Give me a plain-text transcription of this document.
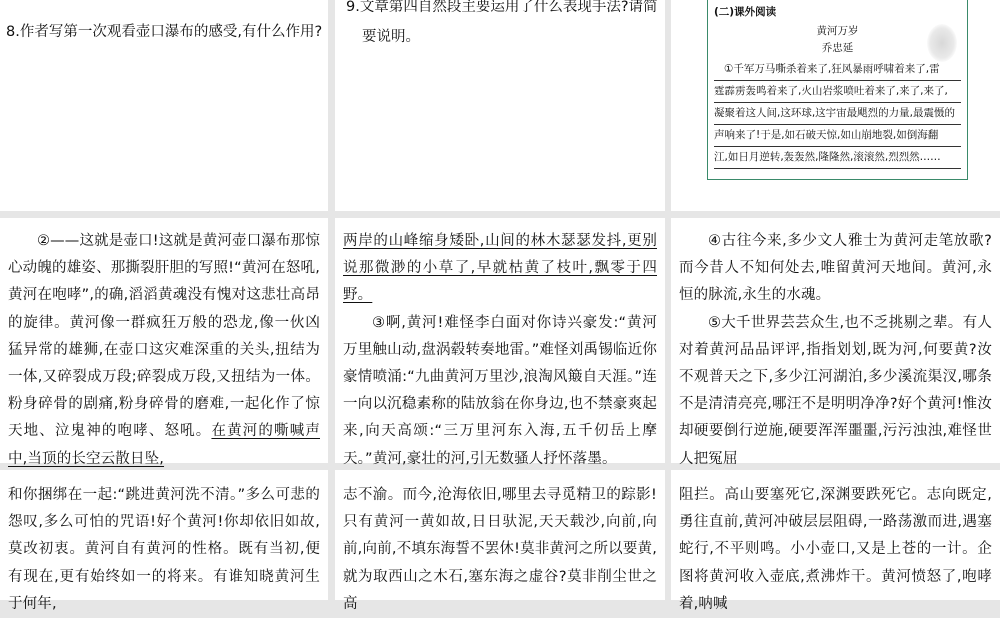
8.作者写第一次观看壶口瀑布的感受,有什么作用?
9.文章第四自然段主要运用了什么表现手法?请简
要说明。

(二)课外阅读

黄河万岁

乔忠延

①千军万马嘶杀着来了,狂风暴雨呼啸着来了,雷
霆霹雳轰鸣着来了,火山岩浆喷吐着来了,来了,来了,
凝聚着这人间,这环球,这宇宙最飓烈的力量,最震慑的
声响来了!于是,如石破天惊,如山崩地裂,如倒海翻
江,如日月逆转,轰轰然,隆隆然,滚滚然,烈烈然……

②——这就是壶口!这就是黄河壶口瀑布那惊心动魄的雄姿、那撕裂肝胆的写照!“黄河在怒吼,黄河在咆哮”,的确,滔滔黄魂没有愧对这悲壮高昂的旋律。黄河像一群疯狂万般的恐龙,像一伙凶猛异常的雄狮,在壶口这灾难深重的关头,扭结为一体,又碎裂成万段;碎裂成万段,又扭结为一体。粉身碎骨的剧痛,粉身碎骨的磨难,一起化作了惊天地、泣鬼神的咆哮、怒吼。在黄河的嘶喊声中,当顶的长空云散日坠,

两岸的山峰缩身矮卧,山间的林木瑟瑟发抖,更别说那微渺的小草了,早就枯黄了枝叶,飘零于四野。

③啊,黄河!难怪李白面对你诗兴豪发:“黄河万里触山动,盘涡毂转奏地雷。”难怪刘禹锡临近你豪情喷涌:“九曲黄河万里沙,浪淘风簸自天涯。”连一向以沉稳素称的陆放翁在你身边,也不禁豪爽起来,向天高颂:“三万里河东入海,五千仞岳上摩天。”黄河,豪壮的河,引无数骚人抒怀落墨。

④古往今来,多少文人雅士为黄河走笔放歌?而今昔人不知何处去,唯留黄河天地间。黄河,永恒的脉流,永生的水魂。

⑤大千世界芸芸众生,也不乏挑剔之辈。有人对着黄河品品评评,指指划划,既为河,何要黄?汝不观普天之下,多少江河湖泊,多少溪流渠汊,哪条不是清清亮亮,哪汪不是明明净净?好个黄河!惟汝却硬要倒行逆施,硬要浑浑噩噩,污污浊浊,难怪世人把冤屈

和你捆绑在一起:“跳进黄河洗不清。”多么可悲的怨叹,多么可怕的咒语!好个黄河!你却依旧如故,莫改初衷。黄河自有黄河的性格。既有当初,便有现在,更有始终如一的将来。有谁知晓黄河生于何年,
志不渝。而今,沧海依旧,哪里去寻觅精卫的踪影!只有黄河一黄如故,日日驮泥,天天载沙,向前,向前,向前,不填东海誓不罢休!莫非黄河之所以要黄,就为取西山之木石,塞东海之虚谷?莫非削尘世之高
阻拦。高山要塞死它,深渊要跌死它。志向既定,勇往直前,黄河冲破层层阻碍,一路荡激而进,遇塞蛇行,不平则鸣。小小壶口,又是上苍的一计。企图将黄河收入壶底,煮沸炸干。黄河愤怒了,咆哮着,呐喊
